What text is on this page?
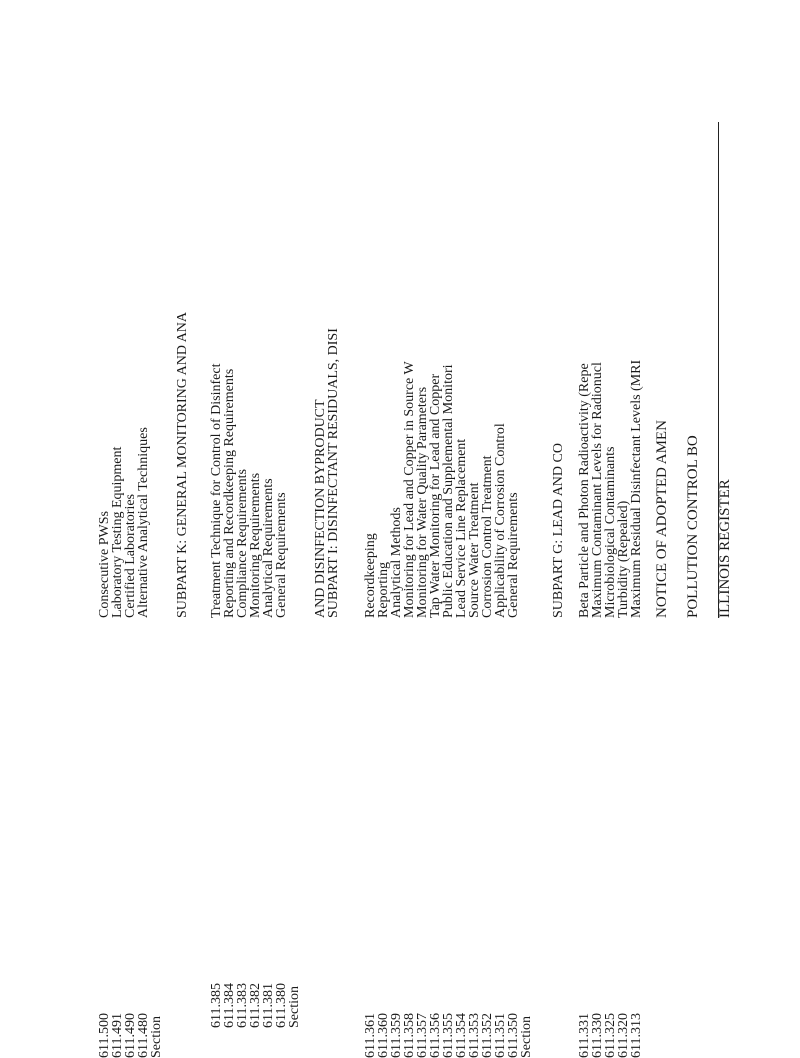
ILLINOIS REGISTER
POLLUTION CONTROL BO
NOTICE OF ADOPTED AMEN
611.313
Maximum Residual Disinfectant Levels (MRI
611.320
Turbidity (Repealed)
611.325
Microbiological Contaminants
611.330
Maximum Contaminant Levels for Radionucl
611.331
Beta Particle and Photon Radioactivity (Repe
SUBPART G: LEAD AND CO
Section
611.350
General Requirements
611.351
Applicability of Corrosion Control
611.352
Corrosion Control Treatment
611.353
Source Water Treatment
611.354
Lead Service Line Replacement
611.355
Public Education and Supplemental Monitori
611.356
Tap Water Monitoring for Lead and Copper
611.357
Monitoring for Water Quality Parameters
611.358
Monitoring for Lead and Copper in Source W
611.359
Analytical Methods
611.360
Reporting
611.361
Recordkeeping
SUBPART I: DISINFECTANT RESIDUALS, DISI
AND DISINFECTION BYPRODUCT
Section
611.380
General Requirements
611.381
Analytical Requirements
611.382
Monitoring Requirements
611.383
Compliance Requirements
611.384
Reporting and Recordkeeping Requirements
611.385
Treatment Technique for Control of Disinfect
SUBPART K: GENERAL MONITORING AND ANA
Section
611.480
Alternative Analytical Techniques
611.490
Certified Laboratories
611.491
Laboratory Testing Equipment
611.500
Consecutive PWSs
